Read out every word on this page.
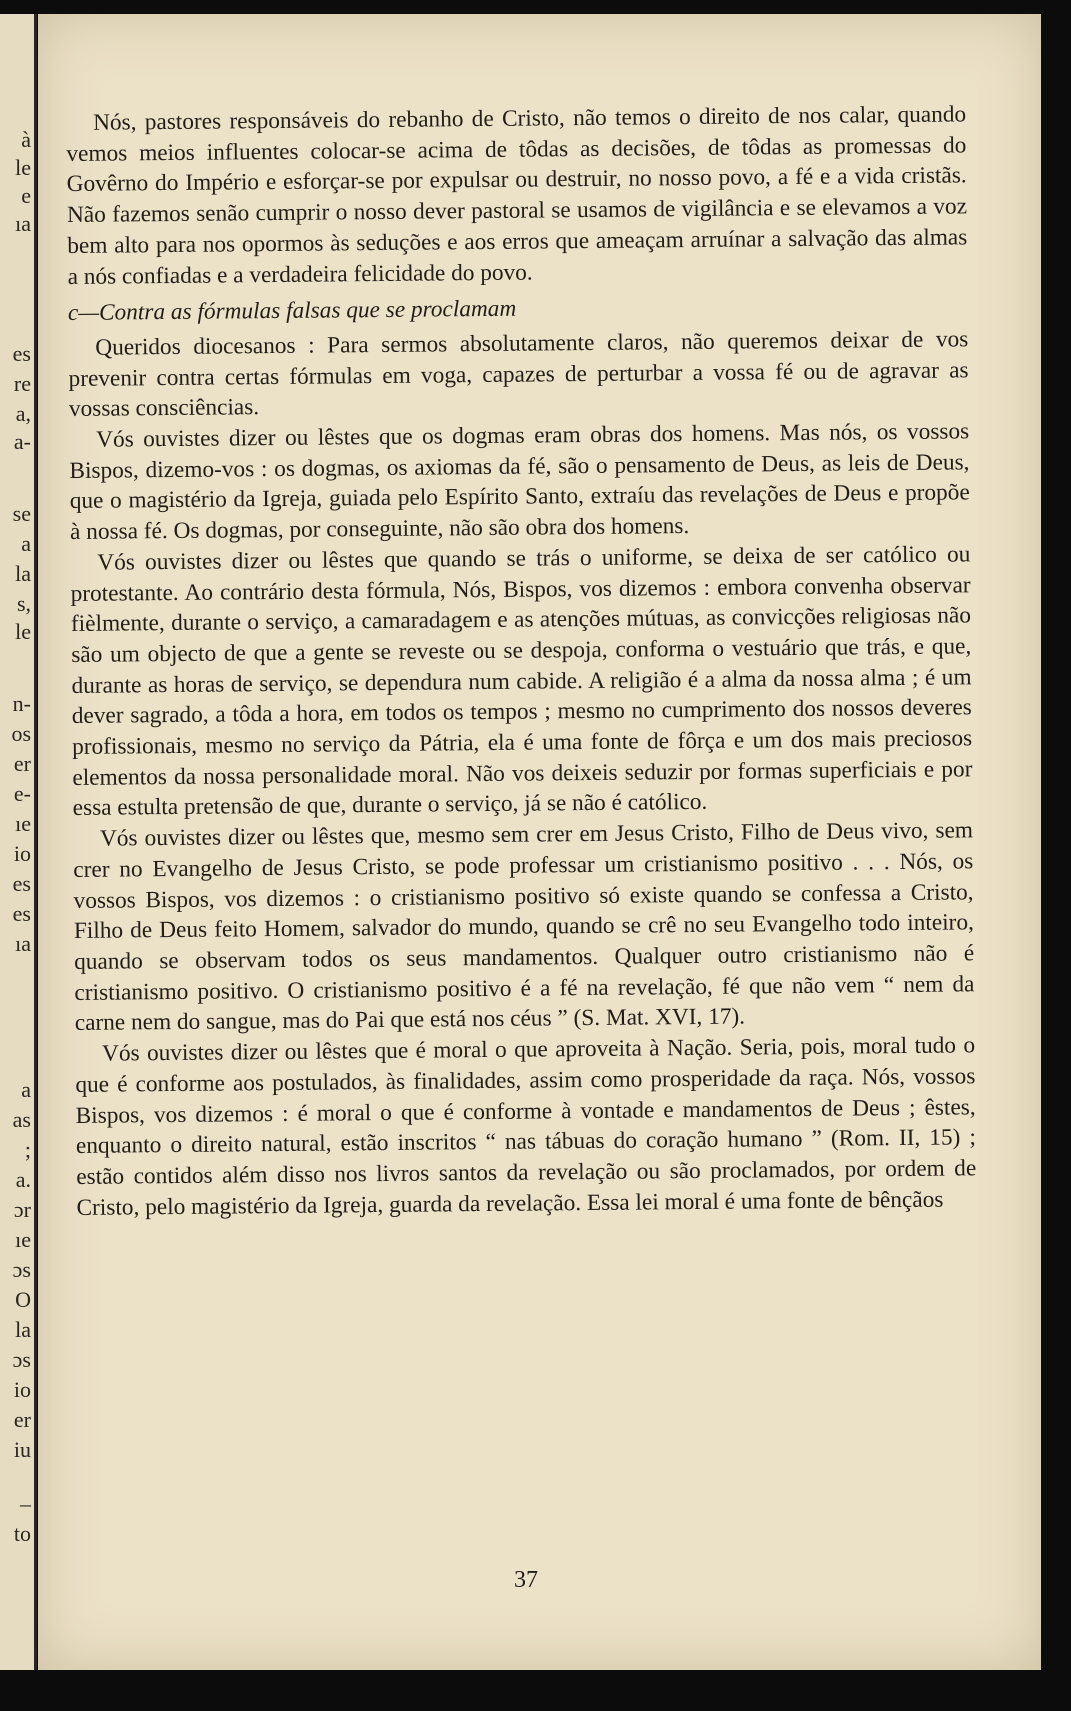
à
le
e
ıa
es
re
a,
a-
se
a
la
s,
le
n-
os
er
e-
ıe
io
es
es
ıa
a
as
;
a.
ɔr
ıe
ɔs
O
la
ɔs
io
er
iu
–
to

Nós, pastores responsáveis do rebanho de Cristo, não temos o direito de nos calar, quando vemos meios influentes colocar-se acima de tôdas as decisões, de tôdas as promessas do Govêrno do Império e esforçar-se por expulsar ou destruir, no nosso povo, a fé e a vida cristãs. Não fazemos senão cumprir o nosso dever pastoral se usamos de vigilância e se elevamos a voz bem alto para nos opormos às seduções e aos erros que ameaçam arruínar a salvação das almas a nós confiadas e a verdadeira felicidade do povo.

c—Contra as fórmulas falsas que se proclamam

Queridos diocesanos : Para sermos absolutamente claros, não queremos deixar de vos prevenir contra certas fórmulas em voga, capazes de perturbar a vossa fé ou de agravar as vossas consciências.

Vós ouvistes dizer ou lêstes que os dogmas eram obras dos homens. Mas nós, os vossos Bispos, dizemo-vos : os dogmas, os axiomas da fé, são o pensamento de Deus, as leis de Deus, que o magistério da Igreja, guiada pelo Espírito Santo, extraíu das revelações de Deus e propõe à nossa fé. Os dogmas, por conseguinte, não são obra dos homens.

Vós ouvistes dizer ou lêstes que quando se trás o uniforme, se deixa de ser católico ou protestante. Ao contrário desta fórmula, Nós, Bispos, vos dizemos : embora convenha observar fièlmente, durante o serviço, a camaradagem e as atenções mútuas, as convicções religiosas não são um objecto de que a gente se reveste ou se despoja, conforma o vestuário que trás, e que, durante as horas de serviço, se dependura num cabide. A religião é a alma da nossa alma ; é um dever sagrado, a tôda a hora, em todos os tempos ; mesmo no cumprimento dos nossos deveres profissionais, mesmo no serviço da Pátria, ela é uma fonte de fôrça e um dos mais preciosos elementos da nossa personalidade moral. Não vos deixeis seduzir por formas superficiais e por essa estulta pretensão de que, durante o serviço, já se não é católico.

Vós ouvistes dizer ou lêstes que, mesmo sem crer em Jesus Cristo, Filho de Deus vivo, sem crer no Evangelho de Jesus Cristo, se pode professar um cristianismo positivo . . . Nós, os vossos Bispos, vos dizemos : o cristianismo positivo só existe quando se confessa a Cristo, Filho de Deus feito Homem, salvador do mundo, quando se crê no seu Evangelho todo inteiro, quando se observam todos os seus mandamentos. Qualquer outro cristianismo não é cristianismo positivo. O cristianismo positivo é a fé na revelação, fé que não vem “ nem da carne nem do sangue, mas do Pai que está nos céus ” (S. Mat. XVI, 17).

Vós ouvistes dizer ou lêstes que é moral o que aproveita à Nação. Seria, pois, moral tudo o que é conforme aos postulados, às finalidades, assim como prosperidade da raça. Nós, vossos Bispos, vos dizemos : é moral o que é conforme à vontade e mandamentos de Deus ; êstes, enquanto o direito natural, estão inscritos “ nas tábuas do coração humano ” (Rom. II, 15) ; estão contidos além disso nos livros santos da revelação ou são proclamados, por ordem de Cristo, pelo magistério da Igreja, guarda da revelação. Essa lei moral é uma fonte de bênçãos

37
